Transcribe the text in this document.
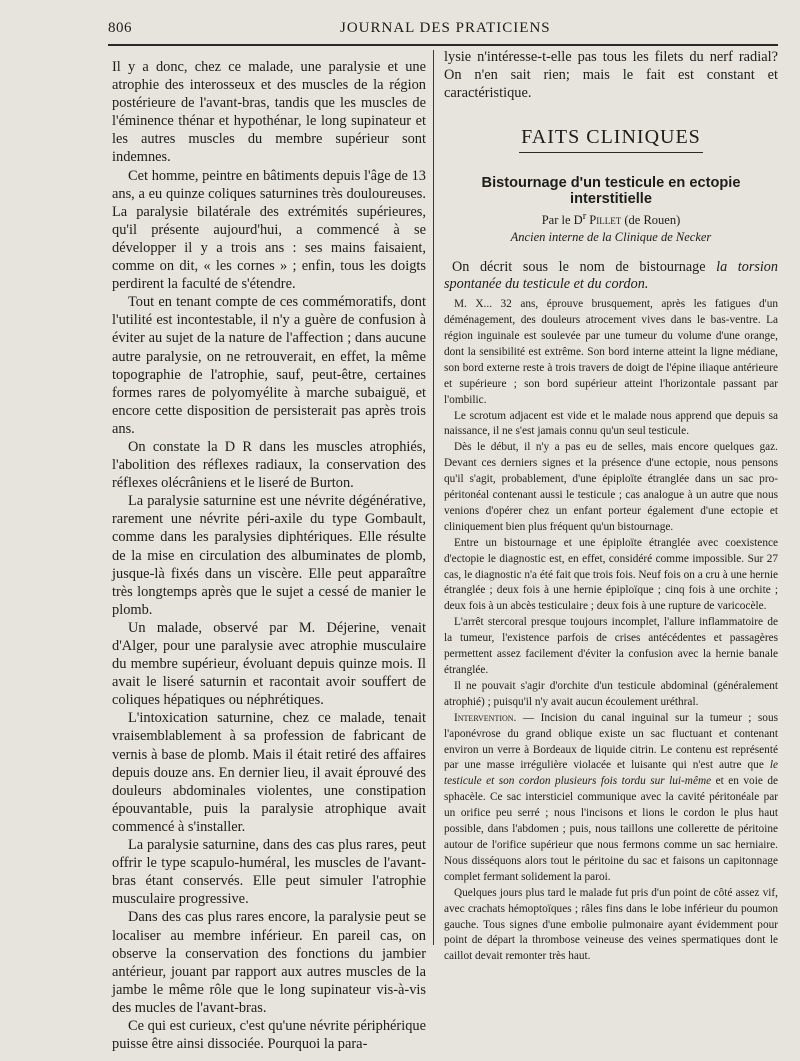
806	JOURNAL DES PRATICIENS

Il y a donc, chez ce malade, une paralysie et une atrophie des interosseux et des muscles de la région postérieure de l'avant-bras, tandis que les muscles de l'éminence thénar et hypothénar, le long supinateur et les autres muscles du membre supérieur sont indemnes.

Cet homme, peintre en bâtiments depuis l'âge de 13 ans, a eu quinze coliques saturnines très douloureuses. La paralysie bilatérale des extrémités supérieures, qu'il présente aujourd'hui, a commencé à se développer il y a trois ans : ses mains faisaient, comme on dit, « les cornes » ; enfin, tous les doigts perdirent la faculté de s'étendre.

Tout en tenant compte de ces commémoratifs, dont l'utilité est incontestable, il n'y a guère de confusion à éviter au sujet de la nature de l'affection ; dans aucune autre paralysie, on ne retrouverait, en effet, la même topographie de l'atrophie, sauf, peut-être, certaines formes rares de polyomyélite à marche subaiguë, et encore cette disposition de persisterait pas après trois ans.

On constate la D R dans les muscles atrophiés, l'abolition des réflexes radiaux, la conservation des réflexes olécrâniens et le liseré de Burton.

La paralysie saturnine est une névrite dégénérative, rarement une névrite péri-axile du type Gombault, comme dans les paralysies diphtériques. Elle résulte de la mise en circulation des albuminates de plomb, jusque-là fixés dans un viscère. Elle peut apparaître très longtemps après que le sujet a cessé de manier le plomb.

Un malade, observé par M. Déjerine, venait d'Alger, pour une paralysie avec atrophie musculaire du membre supérieur, évoluant depuis quinze mois. Il avait le liseré saturnin et racontait avoir souffert de coliques hépatiques ou néphrétiques.

L'intoxication saturnine, chez ce malade, tenait vraisemblablement à sa profession de fabricant de vernis à base de plomb. Mais il était retiré des affaires depuis douze ans. En dernier lieu, il avait éprouvé des douleurs abdominales violentes, une constipation épouvantable, puis la paralysie atrophique avait commencé à s'installer.

La paralysie saturnine, dans des cas plus rares, peut offrir le type scapulo-huméral, les muscles de l'avant-bras étant conservés. Elle peut simuler l'atrophie musculaire progressive.

Dans des cas plus rares encore, la paralysie peut se localiser au membre inférieur. En pareil cas, on observe la conservation des fonctions du jambier antérieur, jouant par rapport aux autres muscles de la jambe le même rôle que le long supinateur vis-à-vis des mucles de l'avant-bras.

Ce qui est curieux, c'est qu'une névrite périphérique puisse être ainsi dissociée. Pourquoi la para-

lysie n'intéresse-t-elle pas tous les filets du nerf radial? On n'en sait rien; mais le fait est constant et caractéristique.

FAITS CLINIQUES
Bistournage d'un testicule en ectopie interstitielle
Par le $D^r$ Pillet (de Rouen)
Ancien interne de la Clinique de Necker

On décrit sous le nom de bistournage la torsion spontanée du testicule et du cordon.

M. X... 32 ans, éprouve brusquement, après les fatigues d'un déménagement, des douleurs atrocement vives dans le bas-ventre. La région inguinale est soulevée par une tumeur du volume d'une orange, dont la sensibilité est extrême. Son bord interne atteint la ligne médiane, son bord externe reste à trois travers de doigt de l'épine iliaque antérieure et supérieure ; son bord supérieur atteint l'horizontale passant par l'ombilic.

Le scrotum adjacent est vide et le malade nous apprend que depuis sa naissance, il ne s'est jamais connu qu'un seul testicule.

Dès le début, il n'y a pas eu de selles, mais encore quelques gaz. Devant ces derniers signes et la présence d'une ectopie, nous pensons qu'il s'agit, probablement, d'une épiploïte étranglée dans un sac pro-péritonéal contenant aussi le testicule ; cas analogue à un autre que nous venions d'opérer chez un enfant porteur également d'une ectopie et cliniquement bien plus fréquent qu'un bistournage.

Entre un bistournage et une épiploïte étranglée avec coexistence d'ectopie le diagnostic est, en effet, considéré comme impossible. Sur 27 cas, le diagnostic n'a été fait que trois fois. Neuf fois on a cru à une hernie étranglée ; deux fois à une hernie épiploïque ; cinq fois à une orchite ; deux fois à un abcès testiculaire ; deux fois à une rupture de varicocèle.

L'arrêt stercoral presque toujours incomplet, l'allure inflammatoire de la tumeur, l'existence parfois de crises antécédentes et passagères permettent assez facilement d'éviter la confusion avec la hernie banale étranglée.

Il ne pouvait s'agir d'orchite d'un testicule abdominal (généralement atrophié) ; puisqu'il n'y avait aucun écoulement uréthral.

Intervention. — Incision du canal inguinal sur la tumeur ; sous l'aponévrose du grand oblique existe un sac fluctuant et contenant environ un verre à Bordeaux de liquide citrin. Le contenu est représenté par une masse irrégulière violacée et luisante qui n'est autre que le testicule et son cordon plusieurs fois tordu sur lui-même et en voie de sphacèle. Ce sac intersticiel communique avec la cavité péritonéale par un orifice peu serré ; nous l'incisons et lions le cordon le plus haut possible, dans l'abdomen ; puis, nous taillons une collerette de péritoine autour de l'orifice supérieur que nous fermons comme un sac herniaire. Nous disséquons alors tout le péritoine du sac et faisons un capitonnage complet fermant solidement la paroi.

Quelques jours plus tard le malade fut pris d'un point de côté assez vif, avec crachats hémoptoïques ; râles fins dans le lobe inférieur du poumon gauche. Tous signes d'une embolie pulmonaire ayant évidemment pour point de départ la thrombose veineuse des veines spermatiques dont le caillot devait remonter très haut.
